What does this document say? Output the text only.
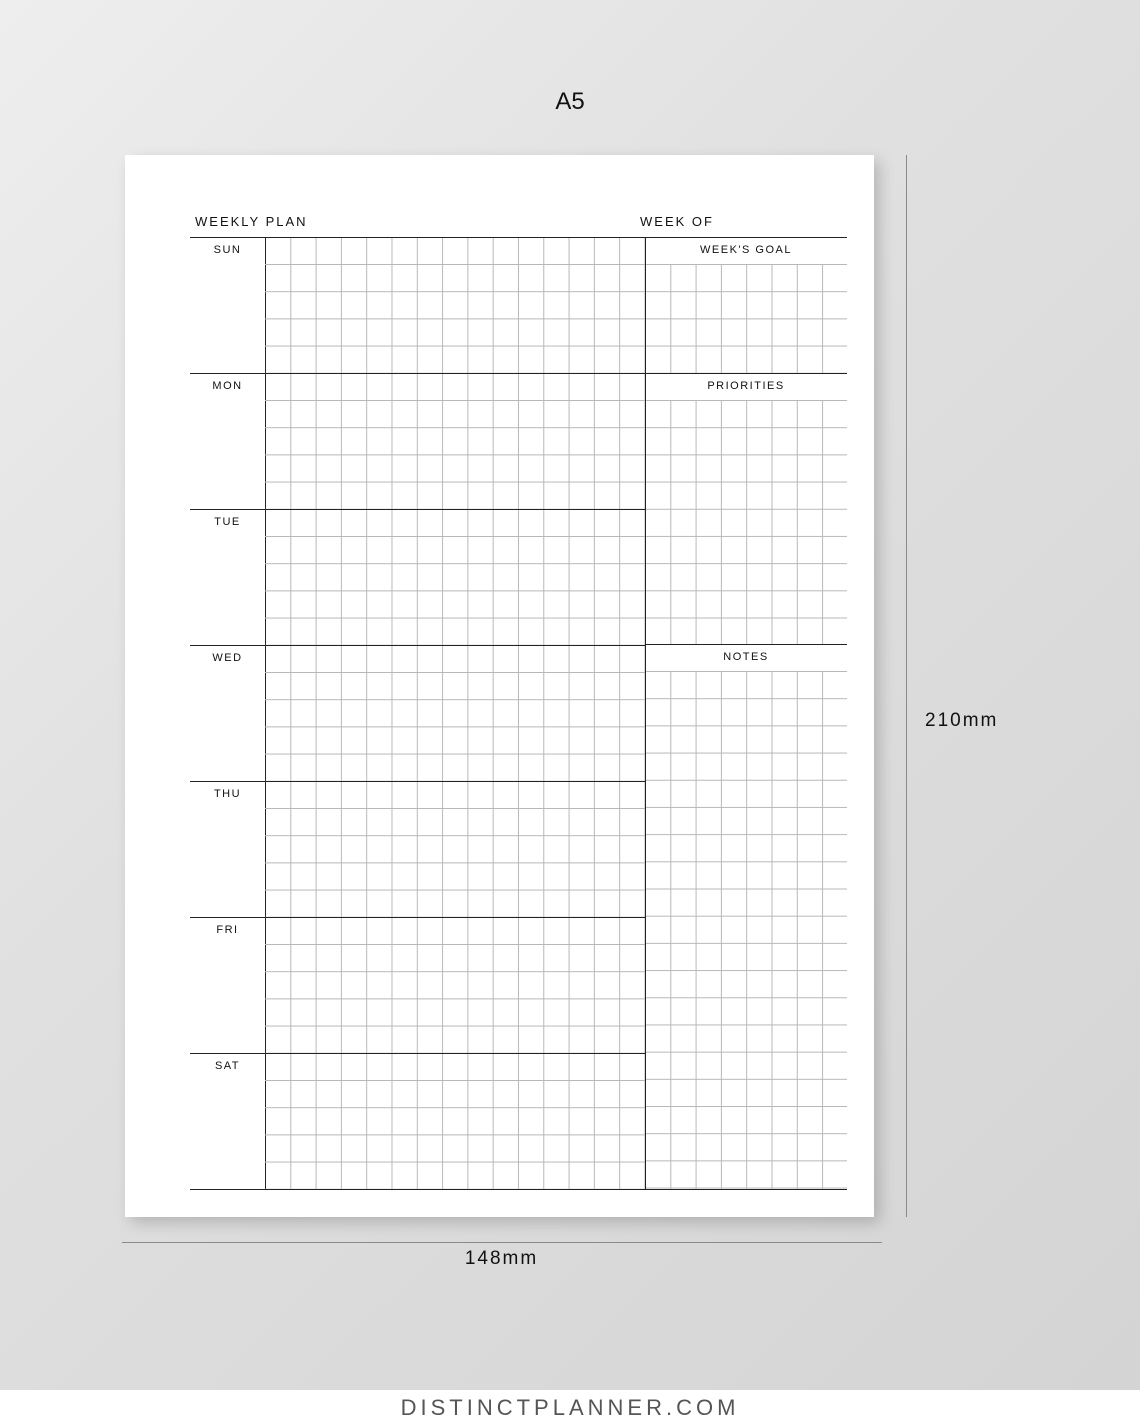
A5
WEEKLY PLAN	WEEK OF
WEEK'S GOAL
PRIORITIES
NOTES
SUN
MON
TUE
WED
THU
FRI
SAT
210mm
148mm
DISTINCTPLANNER.COM
